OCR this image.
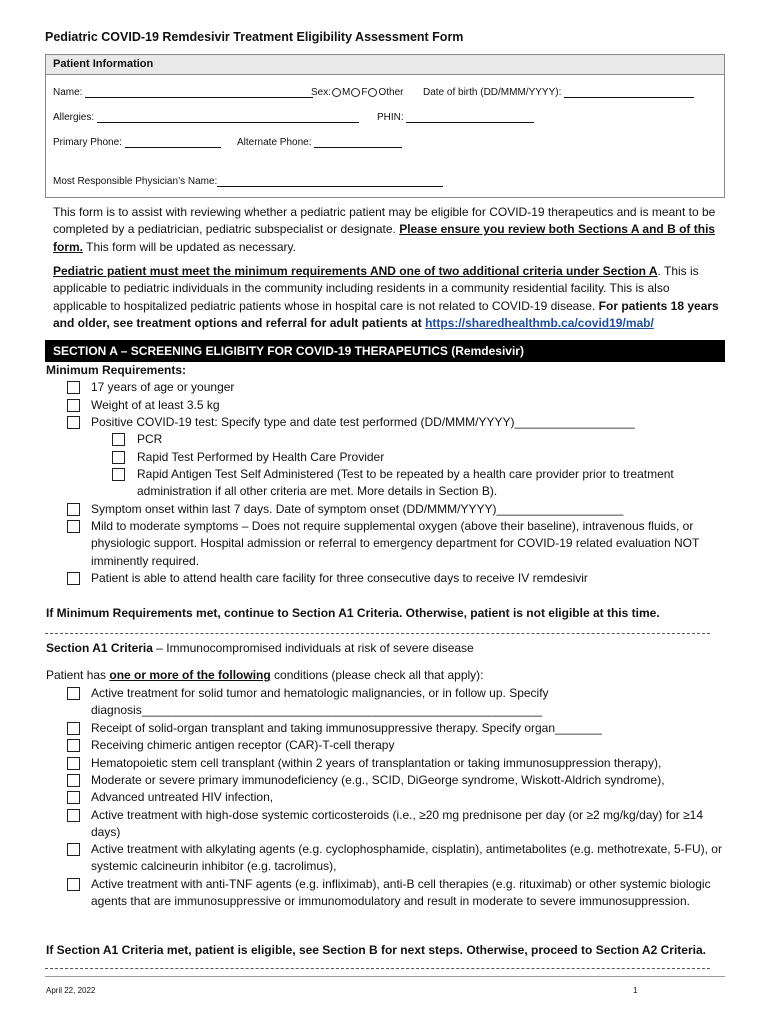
Pediatric COVID-19 Remdesivir Treatment Eligibility Assessment Form
Patient Information
Name:	Sex: M F Other Date of birth (DD/MMM/YYYY):
Allergies:	PHIN:
Primary Phone:	Alternate Phone:
Most Responsible Physician’s Name:
This form is to assist with reviewing whether a pediatric patient may be eligible for COVID-19 therapeutics and is meant to be completed by a pediatrician, pediatric subspecialist or designate. Please ensure you review both Sections A and B of this form. This form will be updated as necessary.
Pediatric patient must meet the minimum requirements AND one of two additional criteria under Section A. This is applicable to pediatric individuals in the community including residents in a community residential facility. This is also applicable to hospitalized pediatric patients whose in hospital care is not related to COVID-19 disease. For patients 18 years and older, see treatment options and referral for adult patients at https://sharedhealthmb.ca/covid19/mab/
SECTION A – SCREENING ELIGIBITY FOR COVID-19 THERAPEUTICS (Remdesivir)
Minimum Requirements:
17 years of age or younger
Weight of at least 3.5 kg
Positive COVID-19 test: Specify type and date test performed (DD/MMM/YYYY)__________________
PCR
Rapid Test Performed by Health Care Provider
Rapid Antigen Test Self Administered (Test to be repeated by a health care provider prior to treatment administration if all other criteria are met. More details in Section B).
Symptom onset within last 7 days. Date of symptom onset (DD/MMM/YYYY)___________________
Mild to moderate symptoms – Does not require supplemental oxygen (above their baseline), intravenous fluids, or physiologic support. Hospital admission or referral to emergency department for COVID-19 related evaluation NOT imminently required.
Patient is able to attend health care facility for three consecutive days to receive IV remdesivir
If Minimum Requirements met, continue to Section A1 Criteria. Otherwise, patient is not eligible at this time.
Section A1 Criteria – Immunocompromised individuals at risk of severe disease
Patient has one or more of the following conditions (please check all that apply):
Active treatment for solid tumor and hematologic malignancies, or in follow up. Specify diagnosis____________________________________________________________
Receipt of solid-organ transplant and taking immunosuppressive therapy. Specify organ_______
Receiving chimeric antigen receptor (CAR)-T-cell therapy
Hematopoietic stem cell transplant (within 2 years of transplantation or taking immunosuppression therapy),
Moderate or severe primary immunodeficiency (e.g., SCID, DiGeorge syndrome, Wiskott-Aldrich syndrome),
Advanced untreated HIV infection,
Active treatment with high-dose systemic corticosteroids (i.e., ≥20 mg prednisone per day (or ≥2 mg/kg/day) for ≥14 days)
Active treatment with alkylating agents (e.g. cyclophosphamide, cisplatin), antimetabolites (e.g. methotrexate, 5-FU), or systemic calcineurin inhibitor (e.g. tacrolimus),
Active treatment with anti-TNF agents (e.g. infliximab), anti-B cell therapies (e.g. rituximab) or other systemic biologic agents that are immunosuppressive or immunomodulatory and result in moderate to severe immunosuppression.
If Section A1 Criteria met, patient is eligible, see Section B for next steps. Otherwise, proceed to Section A2 Criteria.
April 22, 2022	1
